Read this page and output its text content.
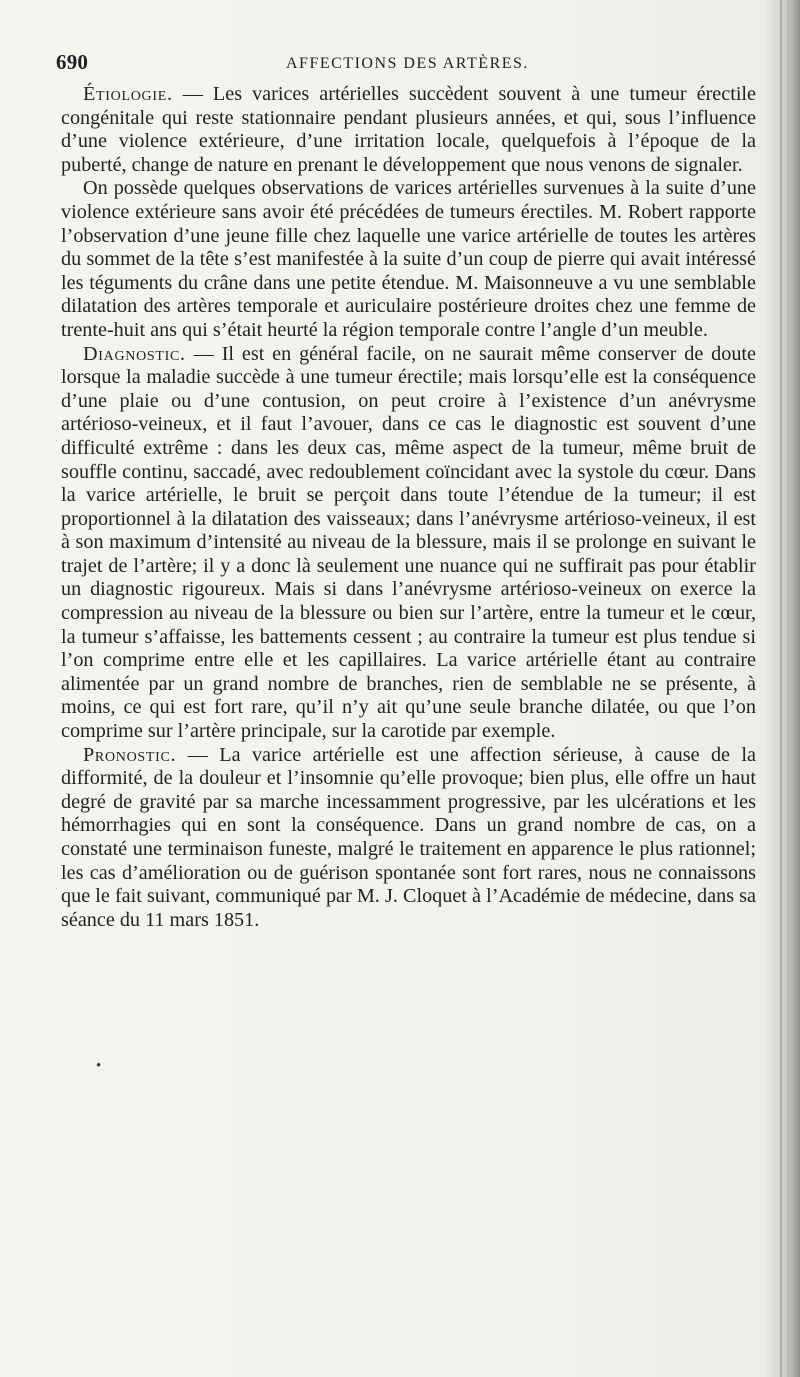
690	AFFECTIONS DES ARTÈRES.

Étiologie. — Les varices artérielles succèdent souvent à une tumeur érectile congénitale qui reste stationnaire pendant plusieurs années, et qui, sous l’influence d’une violence extérieure, d’une irritation locale, quelquefois à l’époque de la puberté, change de nature en prenant le développement que nous venons de signaler.

On possède quelques observations de varices artérielles survenues à la suite d’une violence extérieure sans avoir été précédées de tumeurs érectiles. M. Robert rapporte l’observation d’une jeune fille chez laquelle une varice artérielle de toutes les artères du sommet de la tête s’est manifestée à la suite d’un coup de pierre qui avait intéressé les téguments du crâne dans une petite étendue. M. Maisonneuve a vu une semblable dilatation des artères temporale et auriculaire postérieure droites chez une femme de trente-huit ans qui s’était heurté la région temporale contre l’angle d’un meuble.

Diagnostic. — Il est en général facile, on ne saurait même conserver de doute lorsque la maladie succède à une tumeur érectile; mais lorsqu’elle est la conséquence d’une plaie ou d’une contusion, on peut croire à l’existence d’un anévrysme artérioso-veineux, et il faut l’avouer, dans ce cas le diagnostic est souvent d’une difficulté extrême : dans les deux cas, même aspect de la tumeur, même bruit de souffle continu, saccadé, avec redoublement coïncidant avec la systole du cœur. Dans la varice artérielle, le bruit se perçoit dans toute l’étendue de la tumeur; il est proportionnel à la dilatation des vaisseaux; dans l’anévrysme artérioso-veineux, il est à son maximum d’intensité au niveau de la blessure, mais il se prolonge en suivant le trajet de l’artère; il y a donc là seulement une nuance qui ne suffirait pas pour établir un diagnostic rigoureux. Mais si dans l’anévrysme artérioso-veineux on exerce la compression au niveau de la blessure ou bien sur l’artère, entre la tumeur et le cœur, la tumeur s’affaisse, les battements cessent ; au contraire la tumeur est plus tendue si l’on comprime entre elle et les capillaires. La varice artérielle étant au contraire alimentée par un grand nombre de branches, rien de semblable ne se présente, à moins, ce qui est fort rare, qu’il n’y ait qu’une seule branche dilatée, ou que l’on comprime sur l’artère principale, sur la carotide par exemple.

Pronostic. — La varice artérielle est une affection sérieuse, à cause de la difformité, de la douleur et l’insomnie qu’elle provoque; bien plus, elle offre un haut degré de gravité par sa marche incessamment progressive, par les ulcérations et les hémorrhagies qui en sont la conséquence. Dans un grand nombre de cas, on a constaté une terminaison funeste, malgré le traitement en apparence le plus rationnel; les cas d’amélioration ou de guérison spontanée sont fort rares, nous ne connaissons que le fait suivant, communiqué par M. J. Cloquet à l’Académie de médecine, dans sa séance du 11 mars 1851.

•
